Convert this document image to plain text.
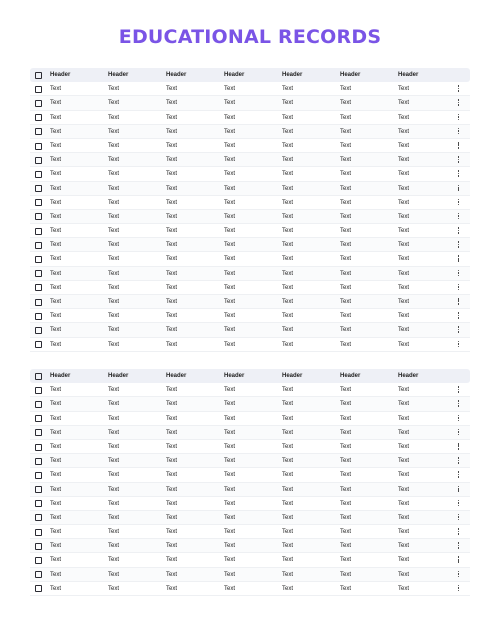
EDUCATIONAL RECORDS
Header	Header	Header	Header	Header	Header	Header
Text	Text	Text	Text	Text	Text	Text
Text	Text	Text	Text	Text	Text	Text
Text	Text	Text	Text	Text	Text	Text
Text	Text	Text	Text	Text	Text	Text
Text	Text	Text	Text	Text	Text	Text
Text	Text	Text	Text	Text	Text	Text
Text	Text	Text	Text	Text	Text	Text
Text	Text	Text	Text	Text	Text	Text
Text	Text	Text	Text	Text	Text	Text
Text	Text	Text	Text	Text	Text	Text
Text	Text	Text	Text	Text	Text	Text
Text	Text	Text	Text	Text	Text	Text
Text	Text	Text	Text	Text	Text	Text
Text	Text	Text	Text	Text	Text	Text
Text	Text	Text	Text	Text	Text	Text
Text	Text	Text	Text	Text	Text	Text
Text	Text	Text	Text	Text	Text	Text
Text	Text	Text	Text	Text	Text	Text
Text	Text	Text	Text	Text	Text	Text
Header	Header	Header	Header	Header	Header	Header
Text	Text	Text	Text	Text	Text	Text
Text	Text	Text	Text	Text	Text	Text
Text	Text	Text	Text	Text	Text	Text
Text	Text	Text	Text	Text	Text	Text
Text	Text	Text	Text	Text	Text	Text
Text	Text	Text	Text	Text	Text	Text
Text	Text	Text	Text	Text	Text	Text
Text	Text	Text	Text	Text	Text	Text
Text	Text	Text	Text	Text	Text	Text
Text	Text	Text	Text	Text	Text	Text
Text	Text	Text	Text	Text	Text	Text
Text	Text	Text	Text	Text	Text	Text
Text	Text	Text	Text	Text	Text	Text
Text	Text	Text	Text	Text	Text	Text
Text	Text	Text	Text	Text	Text	Text
